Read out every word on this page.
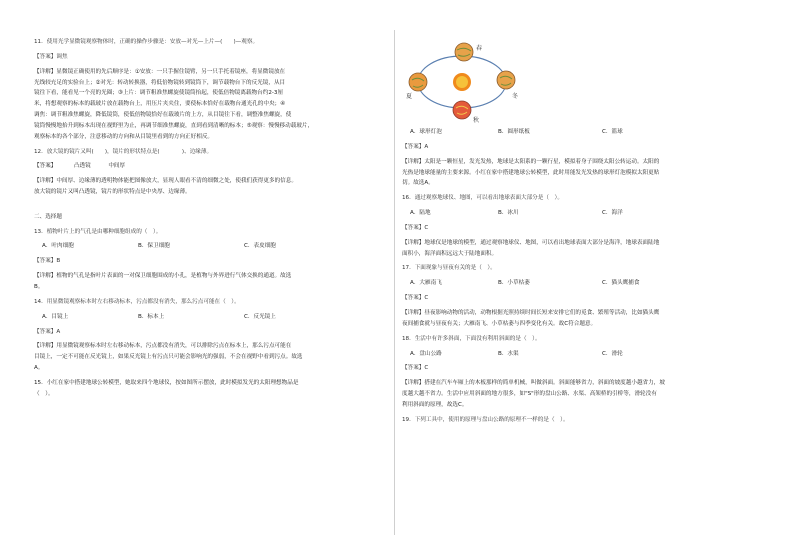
11．使用光学显微镜观察物体时，正确的操作步骤是：安放—对光—上片—(　　)—观察。
【答案】调焦
【详解】显微镜正确使用的先后顺序是：①安放：一只手握住镜臂，另一只手托着镜座，将显微镜放在
光线较充足的实验台上；②对光：转动转换器，将低倍物镜转到镜筒下，调节载物台下的反光镜，从目
镜往下看，能看见一个亮的光圈；③上片：调节粗准焦螺旋使镜筒抬起，使低倍物镜离载物台约2-3厘
米，将想观察的标本的载玻片放在载物台上，用压片夹夹住，要使标本恰好在载物台通光孔的中央；④
调焦：调节粗准焦螺旋，降低镜筒，使低倍物镜恰好在载玻片的上方，从目镜往下看，调整准焦螺旋，使
镜筒慢慢地抬升到标本出现在视野里为止，再调节细准焦螺旋，直到看到清晰的标本；⑤观察：慢慢移动载玻片，
观察标本的各个部分，注意移动的方向和从目镜里看到的方向正好相反。
12．放大镜的镜片又叫(　　)，镜片的形状特点是(　　　　)、边缘薄。
【答案】	凸透镜	中间厚
【详解】中间厚、边缘薄的透明物体能把图像放大，显现人眼看不清的细微之处，使我们获得更多的信息。
放大镜的镜片又叫凸透镜，镜片的形状特点是中央厚、边缘薄。
二、选择题
13．植物叶片上的气孔是由哪种细胞组成的（　）。
A．叶肉细胞	B．保卫细胞	C．表皮细胞
【答案】B
【详解】植物的气孔是指叶片表面的一对保卫细胞围成的小孔，是植物与外界进行气体交换的通道。故选
B。
14．用显微镜观察标本时左右移动标本，污点都没有消失，那么污点可能在（　）。
A．目镜上	B．标本上	C．反光镜上
【答案】A
【详解】用显微镜观察标本时左右移动标本，污点都没有消失，可以排除污点在标本上，那么污点可能在
目镜上，一定不可能在反光镜上，如果反光镜上有污点只可能会影响光的强弱，不会在视野中看到污点。故选
A。
15．小红在家中搭建地球公转模型，她取来四个地球仪，按如图所示摆放，此时模拟发光的太阳理想物品是
（　）。
春
夏	冬
秋
A．球形灯泡	B．圆形纸板	C．篮球
【答案】A
【详解】太阳是一颗恒星，发光发热，地球是太阳系的一颗行星，模拟着身子围绕太阳公转运动。太阳的
光热是地球能量的主要来源。小红在家中搭建地球公转模型，此时用能发光发热的球形灯泡模拟太阳更贴
切。故选A。
16．通过观察地球仪、地图，可以看出地球表面大部分是（　）。
A．陆地	B．冰川	C．海洋
【答案】C
【详解】地球仪是地球的模型，通过观察地球仪、地图，可以看出地球表面大部分是海洋，地球表面陆地
面积小，海洋面积远远大于陆地面积。
17．下面现象与昼夜有关的是（　）。
A．大雁南飞	B．小草枯萎	C．猫头鹰捕食
【答案】C
【详解】昼夜影响动物的活动，动物根据光照持续时间长短来安排它们的觅食、繁殖等活动，比如猫头鹰
夜间捕食就与昼夜有关；大雁南飞、小草枯萎与四季变化有关。故C符合题意。
18．生活中有许多斜面，下面没有利用斜面的是（　）。
A．盘山公路	B．水渠	C．滑轮
【答案】C
【详解】搭建在汽车车厢上的木板那样的简单机械，叫做斜面。斜面能够省力，斜面的坡度越小越省力，坡
度越大越不省力。生活中应用斜面的地方很多，如"S"形的盘山公路、水渠、高架桥的引桥等，滑轮没有
利用斜面的原理，故选C。
19．下列工具中，使用的原理与盘山公路的原理不一样的是（　）。
